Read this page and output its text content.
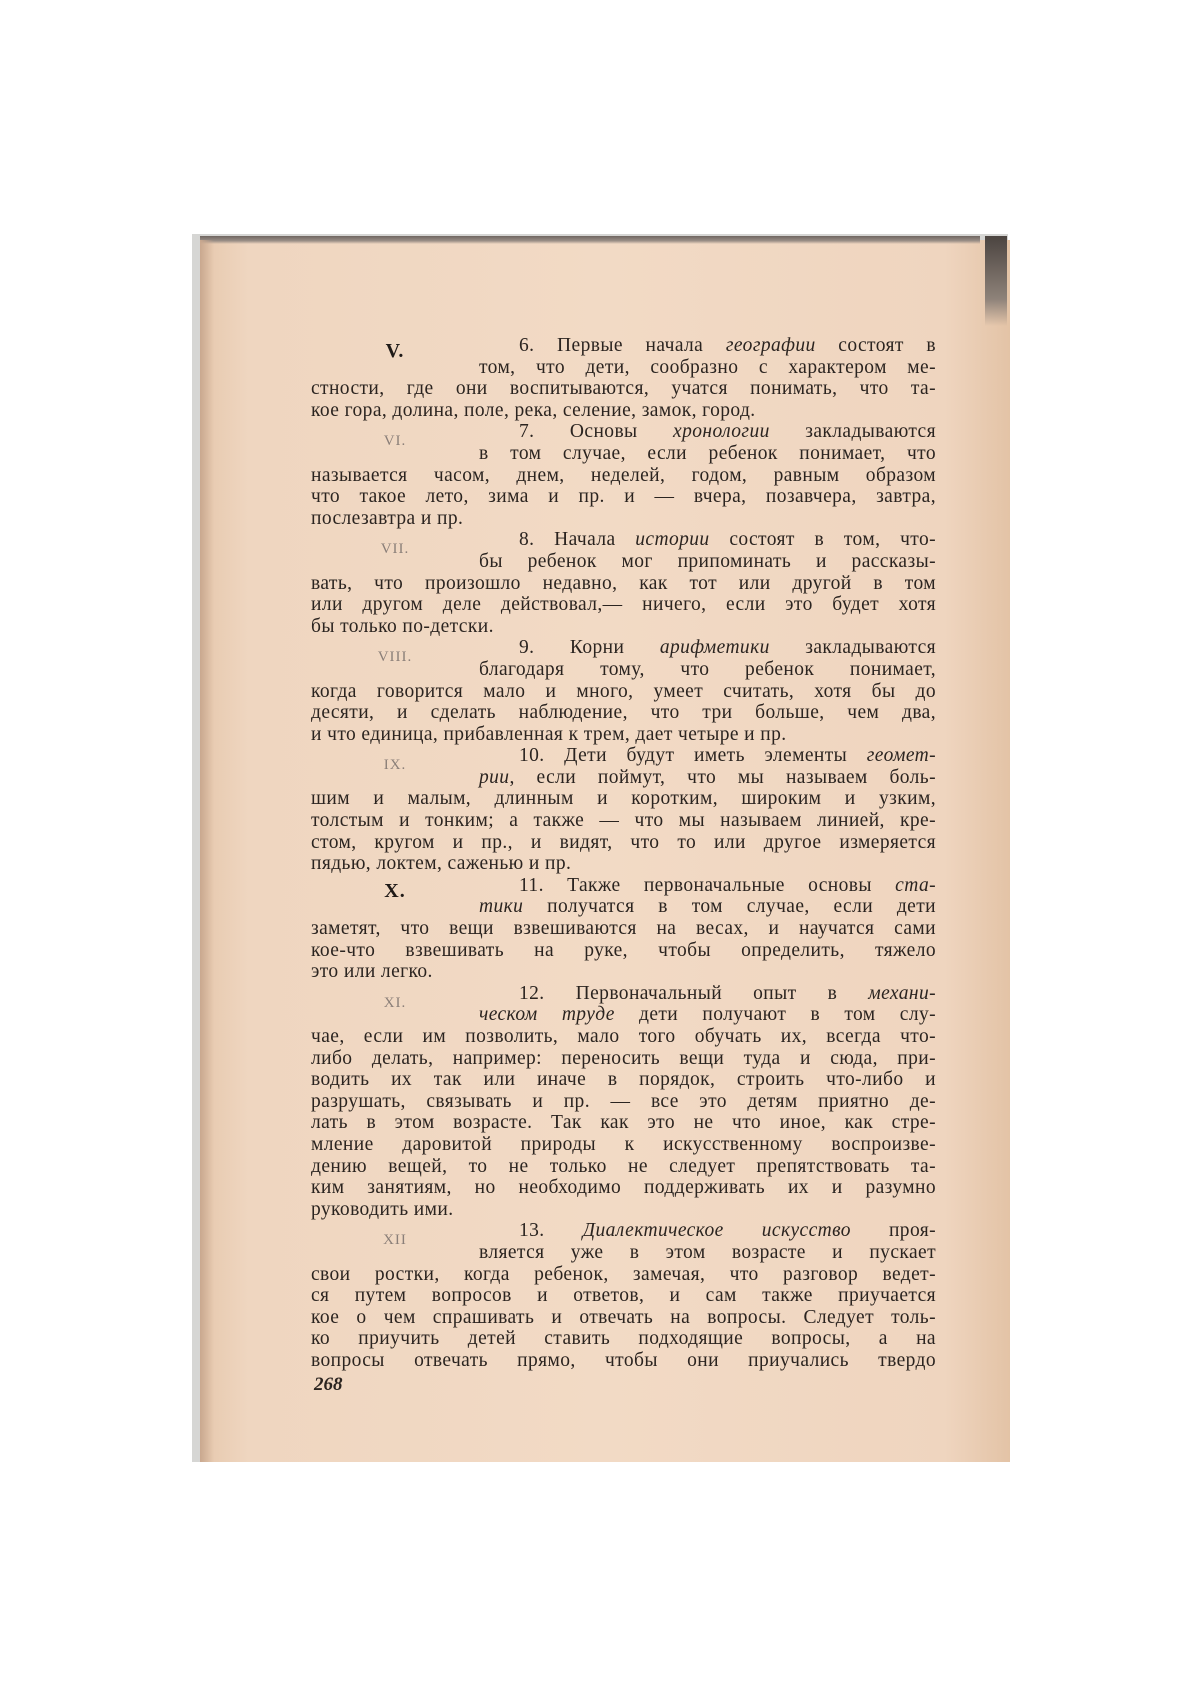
V.	6. Первые начала географии состоят в
том, что дети, сообразно с характером ме-
стности, где они воспитываются, учатся понимать, что та-
кое гора, долина, поле, река, селение, замок, город.
VI.	7. Основы хронологии закладываются
в том случае, если ребенок понимает, что
называется часом, днем, неделей, годом, равным образом
что такое лето, зима и пр. и — вчера, позавчера, завтра,
послезавтра и пр.
VII.	8. Начала истории состоят в том, что-
бы ребенок мог припоминать и рассказы-
вать, что произошло недавно, как тот или другой в том
или другом деле действовал,— ничего, если это будет хотя
бы только по-детски.
VIII.	9. Корни арифметики закладываются
благодаря тому, что ребенок понимает,
когда говорится мало и много, умеет считать, хотя бы до
десяти, и сделать наблюдение, что три больше, чем два,
и что единица, прибавленная к трем, дает четыре и пр.
IX.	10. Дети будут иметь элементы геомет-
рии, если поймут, что мы называем боль-
шим и малым, длинным и коротким, широким и узким,
толстым и тонким; а также — что мы называем линией, кре-
стом, кругом и пр., и видят, что то или другое измеряется
пядью, локтем, саженью и пр.
X.	11. Также первоначальные основы ста-
тики получатся в том случае, если дети
заметят, что вещи взвешиваются на весах, и научатся сами
кое-что взвешивать на руке, чтобы определить, тяжело
это или легко.
XI.	12. Первоначальный опыт в механи-
ческом труде дети получают в том слу-
чае, если им позволить, мало того обучать их, всегда что-
либо делать, например: переносить вещи туда и сюда, при-
водить их так или иначе в порядок, строить что-либо и
разрушать, связывать и пр. — все это детям приятно де-
лать в этом возрасте. Так как это не что иное, как стре-
мление даровитой природы к искусственному воспроизве-
дению вещей, то не только не следует препятствовать та-
ким занятиям, но необходимо поддерживать их и разумно
руководить ими.
XII	13. Диалектическое искусство проя-
вляется уже в этом возрасте и пускает
свои ростки, когда ребенок, замечая, что разговор ведет-
ся путем вопросов и ответов, и сам также приучается
кое о чем спрашивать и отвечать на вопросы. Следует толь-
ко приучить детей ставить подходящие вопросы, а на
вопросы отвечать прямо, чтобы они приучались твердо
268
